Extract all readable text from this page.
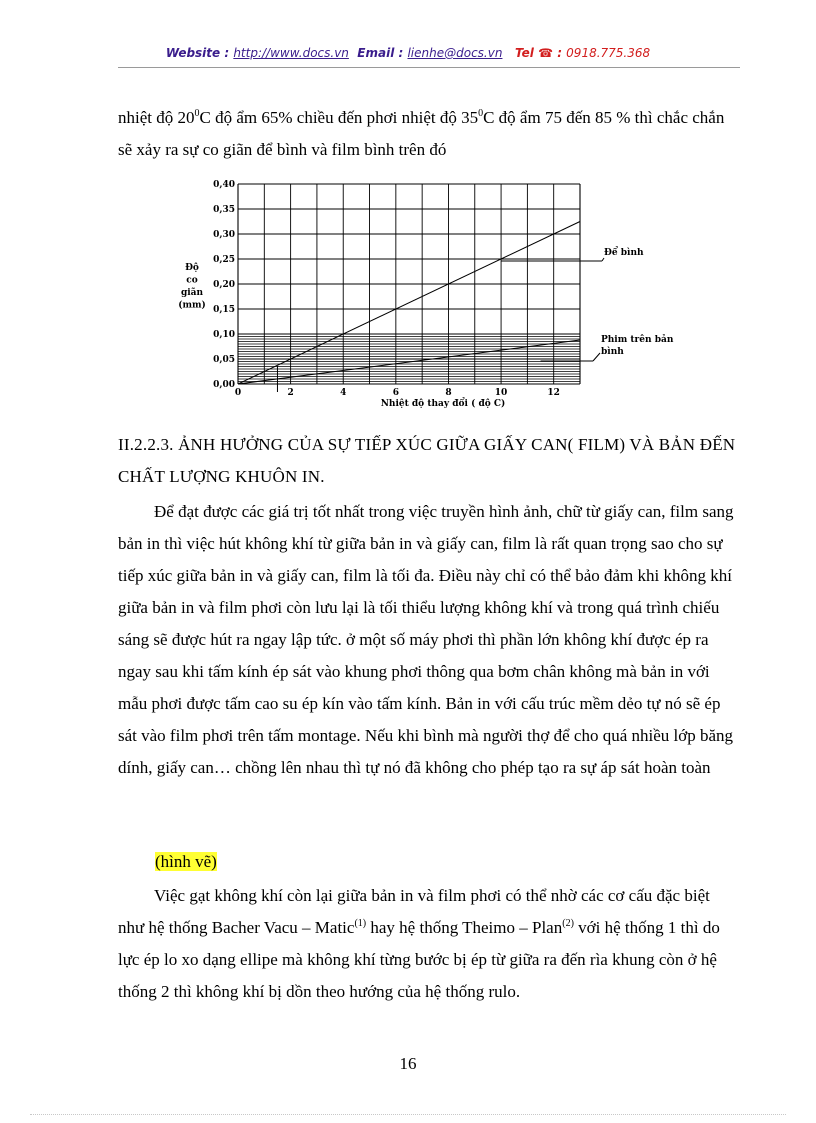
Website : http://www.docs.vn Email : lienhe@docs.vn Tel ☎ : 0918.775.368

nhiệt độ $20^0C$ độ ẩm 65% chiều đến phơi nhiệt độ $35^0C$ độ ẩm 75 đến 85 % thì chắc chắn sẽ xảy ra sự co giãn để bình và film bình trên đó

0,00
0,05
0,10
0,15
0,20
0,25
0,30
0,35
0,40
0	2	4	6	8	10	12
Nhiệt độ thay đổi ( độ C)
Độ
co
giãn
(mm)
Để bình
Phim trên bản
bình

II.2.2.3. ẢNH HƯỞNG CỦA SỰ TIẾP XÚC GIỮA GIẤY CAN( FILM) VÀ BẢN ĐẾN CHẤT LƯỢNG KHUÔN IN.

Để đạt được các giá trị tốt nhất trong việc truyền hình ảnh, chữ từ giấy can, film sang bản in thì việc hút không khí từ giữa bản in và giấy can, film là rất quan trọng sao cho sự tiếp xúc giữa bản in và giấy can, film là tối đa. Điều này chỉ có thể bảo đảm khi không khí giữa bản in và film phơi còn lưu lại là tối thiểu lượng không khí và trong quá trình chiếu sáng sẽ được hút ra ngay lập tức. ở một số máy phơi thì phần lớn không khí được ép ra ngay sau khi tấm kính ép sát vào khung phơi thông qua bơm chân không mà bản in với mẫu phơi được tấm cao su ép kín vào tấm kính. Bản in với cấu trúc mềm dẻo tự nó sẽ ép sát vào film phơi trên tấm montage. Nếu khi bình mà người thợ để cho quá nhiều lớp băng dính, giấy can… chồng lên nhau thì tự nó đã không cho phép tạo ra sự áp sát hoàn toàn

(hình vẽ)

Việc gạt không khí còn lại giữa bản in và film phơi có thể nhờ các cơ cấu đặc biệt như hệ thống Bacher Vacu – Matic$^{(1)}$ hay hệ thống Theimo – Plan$^{(2)}$ với hệ thống 1 thì do lực ép lo xo dạng ellipe mà không khí từng bước bị ép từ giữa ra đến rìa khung còn ở hệ thống 2 thì không khí bị dồn theo hướng của hệ thống rulo.

16
